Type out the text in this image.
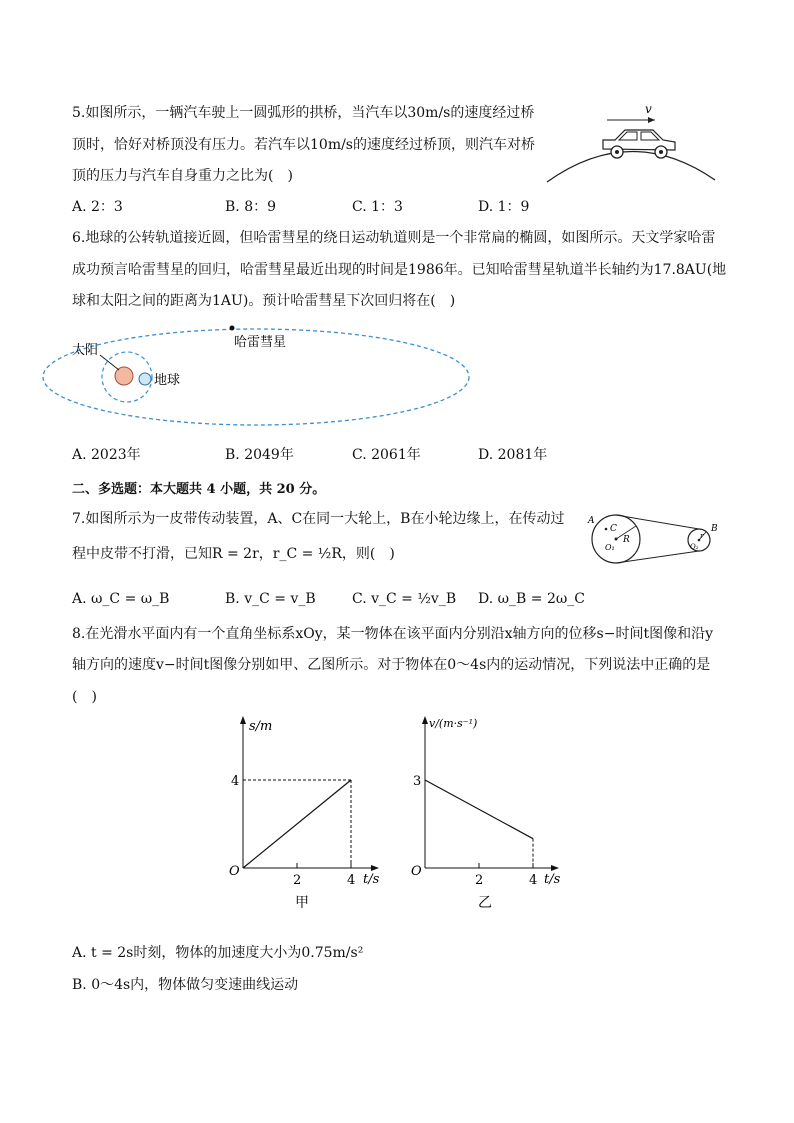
5.如图所示，一辆汽车驶上一圆弧形的拱桥，当汽车以30m/s的速度经过桥
顶时，恰好对桥顶没有压力。若汽车以10m/s的速度经过桥顶，则汽车对桥
顶的压力与汽车自身重力之比为(　)
v
A. 2：3	B. 8：9	C. 1：3	D. 1：9
6.地球的公转轨道接近圆，但哈雷彗星的绕日运动轨道则是一个非常扁的椭圆，如图所示。天文学家哈雷
成功预言哈雷彗星的回归，哈雷彗星最近出现的时间是1986年。已知哈雷彗星轨道半长轴约为17.8AU(地
球和太阳之间的距离为1AU)。预计哈雷彗星下次回归将在(　)
太阳
地球
哈雷彗星
A. 2023年	B. 2049年	C. 2061年	D. 2081年
二、多选题：本大题共 4 小题，共 20 分。
7.如图所示为一皮带传动装置，A、C在同一大轮上，B在小轮边缘上，在传动过
程中皮带不打滑，已知R = 2r，r_C = ½R，则(　)
A
C
O₁
R
B
O₂
r
A. ω_C = ω_B	B. v_C = v_B	C. v_C = ½v_B D. ω_B = 2ω_C
8.在光滑水平面内有一个直角坐标系xOy，某一物体在该平面内分别沿x轴方向的位移s−时间t图像和沿y
轴方向的速度v−时间t图像分别如甲、乙图所示。对于物体在0～4s内的运动情况，下列说法中正确的是
(　)
s/m
t/s
O
甲
2	4
4
v/(m·s⁻¹)
t/s
O
乙
2	4
3
A. t = 2s时刻，物体的加速度大小为0.75m/s²
B. 0～4s内，物体做匀变速曲线运动
